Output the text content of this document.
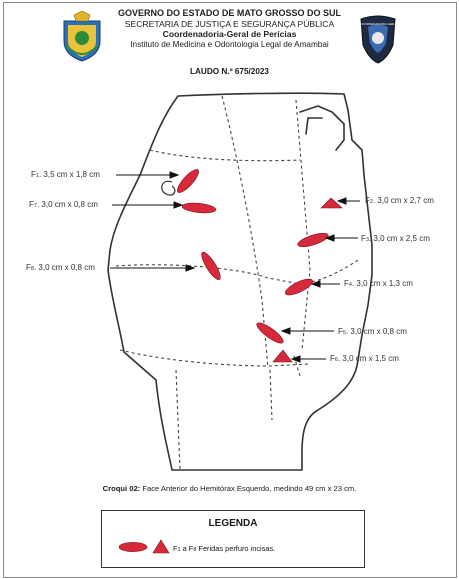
COORDENADORIA-GERAL DE PERÍCIAS
GOVERNO DO ESTADO DE MATO GROSSO DO SUL
SECRETARIA DE JUSTIÇA E SEGURANÇA PÚBLICA
Coordenadoria-Geral de Perícias
Instituto de Medicina e Odontologia Legal de Amambai
LAUDO N.º 675/2023
F1. 3,5 cm x 1,8 cm
F7. 3,0 cm x 0,8 cm	F2. 3,0 cm x 2,7 cm
F3. 3,0 cm x 2,5 cm
F8. 3,0 cm x 0,8 cm
F4. 3,0 cm x 1,3 cm
F5. 3,0 cm x 0,8 cm
F6. 3,0 cm x 1,5 cm
Croqui 02: Face Anterior do Hemitórax Esquerdo, medindo 49 cm x 23 cm.
LEGENDA
F1 a F8 Feridas perfuro incisas.
